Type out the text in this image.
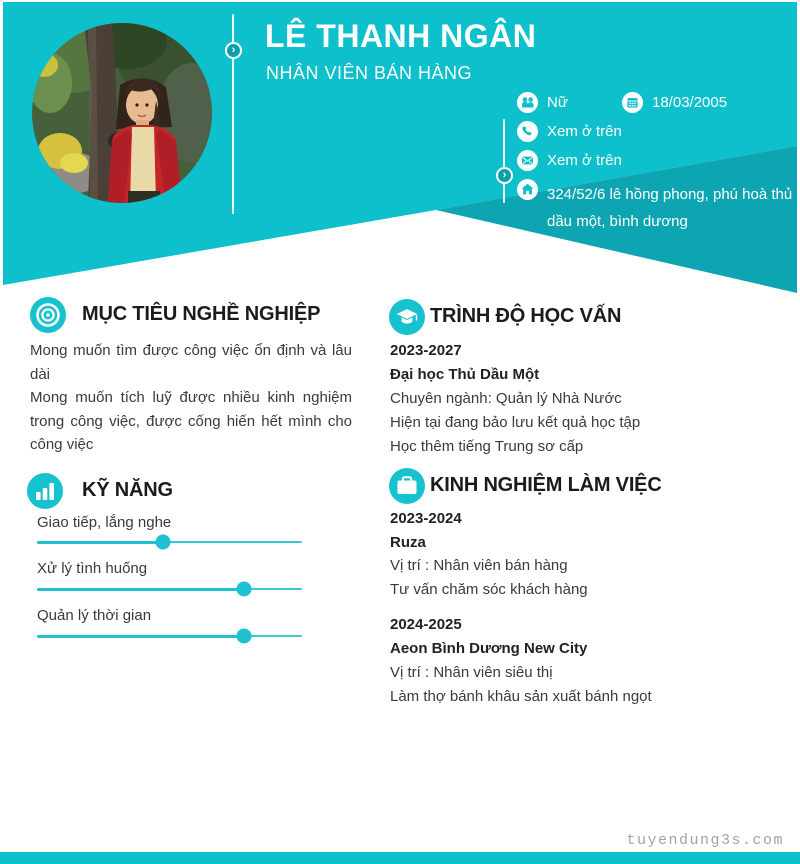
› LÊ THANH NGÂN
NHÂN VIÊN BÁN HÀNG
›
Nữ	18/03/2005
Xem ở trên
Xem ở trên
324/52/6 lê hồng phong, phú hoà thủ dầu một, bình dương
MỤC TIÊU NGHỀ NGHIỆP

Mong muốn tìm được công việc ổn định và lâu dài

Mong muốn tích luỹ được nhiều kinh nghiệm trong công việc, được cống hiến hết mình cho công việc

KỸ NĂNG
Giao tiếp, lắng nghe
Xử lý tình huống
Quản lý thời gian
TRÌNH ĐỘ HỌC VẤN

2023-2027

Đại học Thủ Dầu Một

Chuyên ngành: Quản lý Nhà Nước

Hiện tại đang bảo lưu kết quả học tập

Học thêm tiếng Trung sơ cấp

KINH NGHIỆM LÀM VIỆC

2023-2024

Ruza

Vị trí : Nhân viên bán hàng

Tư vấn chăm sóc khách hàng

2024-2025

Aeon Bình Dương New City

Vị trí : Nhân viên siêu thị

Làm thợ bánh khâu sản xuất bánh ngọt

tuyendung3s.com
